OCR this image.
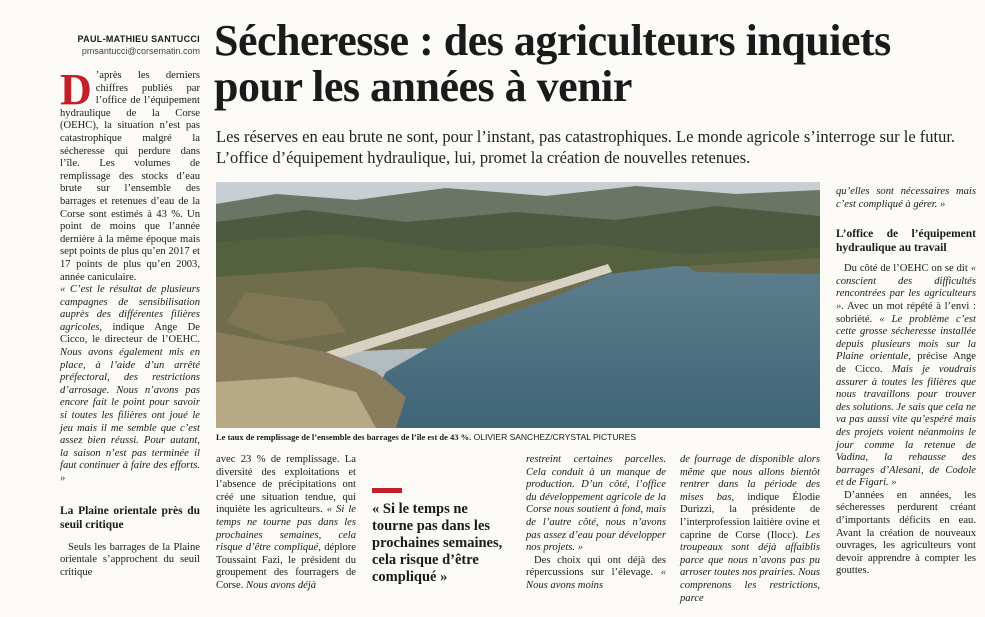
PAUL-MATHIEU SANTUCCI
pmsantucci@corsematin.com Sécheresse : des agriculteurs inquiets pour les années à venir

Les réserves en eau brute ne sont, pour l’instant, pas catastrophiques. Le monde agricole s’interroge sur le futur. L’office d’équipement hydraulique, lui, promet la création de nouvelles retenues.

Le taux de remplissage de l’ensemble des barrages de l’île est de 43 %. OLIVIER SANCHEZ/CRYSTAL PICTURES

D ’après les derniers chiffres publiés par l’office de l’équipement hydraulique de la Corse (OEHC), la situation n’est pas catastrophique malgré la sécheresse qui perdure dans l’île. Les volumes de remplissage des stocks d’eau brute sur l’ensemble des barrages et retenues d’eau de la Corse sont estimés à 43 %. Un point de moins que l’année dernière à la même époque mais sept points de plus qu’en 2017 et 17 points de plus qu’en 2003, année caniculaire.

« C’est le résultat de plusieurs campagnes de sensibilisation auprès des différentes filières agricoles, indique Ange De Cicco, le directeur de l’OEHC. Nous avons également mis en place, à l’aide d’un arrêté préfectoral, des restrictions d’arrosage. Nous n’avons pas encore fait le point pour savoir si toutes les filières ont joué le jeu mais il me semble que c’est assez bien réussi. Pour autant, la saison n’est pas terminée il faut continuer à faire des efforts. »

La Plaine orientale près du seuil critique

Seuls les barrages de la Plaine orientale s’approchent du seuil critique

avec 23 % de remplissage. La diversité des exploitations et l’absence de précipitations ont créé une situation tendue, qui inquiète les agriculteurs. « Si le temps ne tourne pas dans les prochaines semaines, cela risque d’être compliqué, déplore Toussaint Fazi, le président du groupement des fourragers de Corse. Nous avons déjà

« Si le temps ne tourne pas dans les prochaines semaines, cela risque d’être compliqué »

restreint certaines parcelles. Cela conduit à un manque de production. D’un côté, l’office du développement agricole de la Corse nous soutient à fond, mais de l’autre côté, nous n’avons pas assez d’eau pour développer nos projets. »

Des choix qui ont déjà des répercussions sur l’élevage. « Nous avons moins

de fourrage de disponible alors même que nous allons bientôt rentrer dans la période des mises bas, indique Élodie Durizzi, la présidente de l’interprofession laitière ovine et caprine de Corse (Ilocc). Les troupeaux sont déjà affaiblis parce que nous n’avons pas pu arroser toutes nos prairies. Nous comprenons les restrictions, parce

qu’elles sont nécessaires mais c’est compliqué à gérer. »

L’office de l’équipement hydraulique au travail

Du côté de l’OEHC on se dit « conscient des difficultés rencontrées par les agriculteurs ». Avec un mot répété à l’envi : sobriété. « Le problème c’est cette grosse sécheresse installée depuis plusieurs mois sur la Plaine orientale, précise Ange de Cicco. Mais je voudrais assurer à toutes les filières que nous travaillons pour trouver des solutions. Je sais que cela ne va pas aussi vite qu’espéré mais des projets voient néanmoins le jour comme la retenue de Vadina, la rehausse des barrages d’Alesani, de Codole et de Figari. »

D’années en années, les sécheresses perdurent créant d’importants déficits en eau. Avant la création de nouveaux ouvrages, les agriculteurs vont devoir apprendre à compter les gouttes.
